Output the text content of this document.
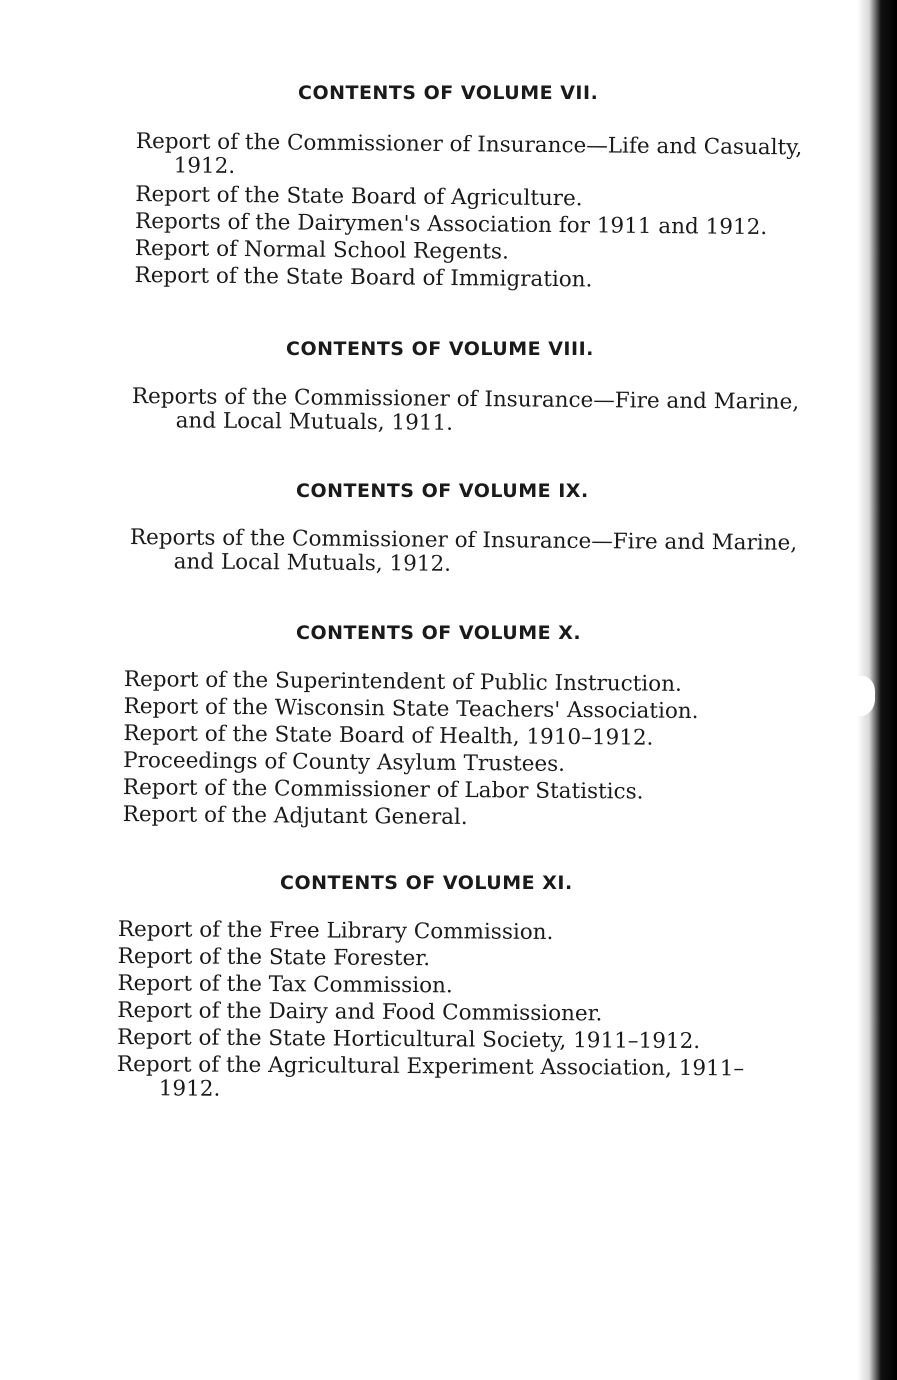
CONTENTS OF VOLUME VII.
Report of the Commissioner of Insurance—Life and Casualty,
1912.
Report of the State Board of Agriculture.
Reports of the Dairymen's Association for 1911 and 1912.
Report of Normal School Regents.
Report of the State Board of Immigration.
CONTENTS OF VOLUME VIII.
Reports of the Commissioner of Insurance—Fire and Marine,
and Local Mutuals, 1911.
CONTENTS OF VOLUME IX.
Reports of the Commissioner of Insurance—Fire and Marine,
and Local Mutuals, 1912.
CONTENTS OF VOLUME X.
Report of the Superintendent of Public Instruction.
Report of the Wisconsin State Teachers' Association.
Report of the State Board of Health, 1910–1912.
Proceedings of County Asylum Trustees.
Report of the Commissioner of Labor Statistics.
Report of the Adjutant General.
CONTENTS OF VOLUME XI.
Report of the Free Library Commission.
Report of the State Forester.
Report of the Tax Commission.
Report of the Dairy and Food Commissioner.
Report of the State Horticultural Society, 1911–1912.
Report of the Agricultural Experiment Association, 1911–
1912.
